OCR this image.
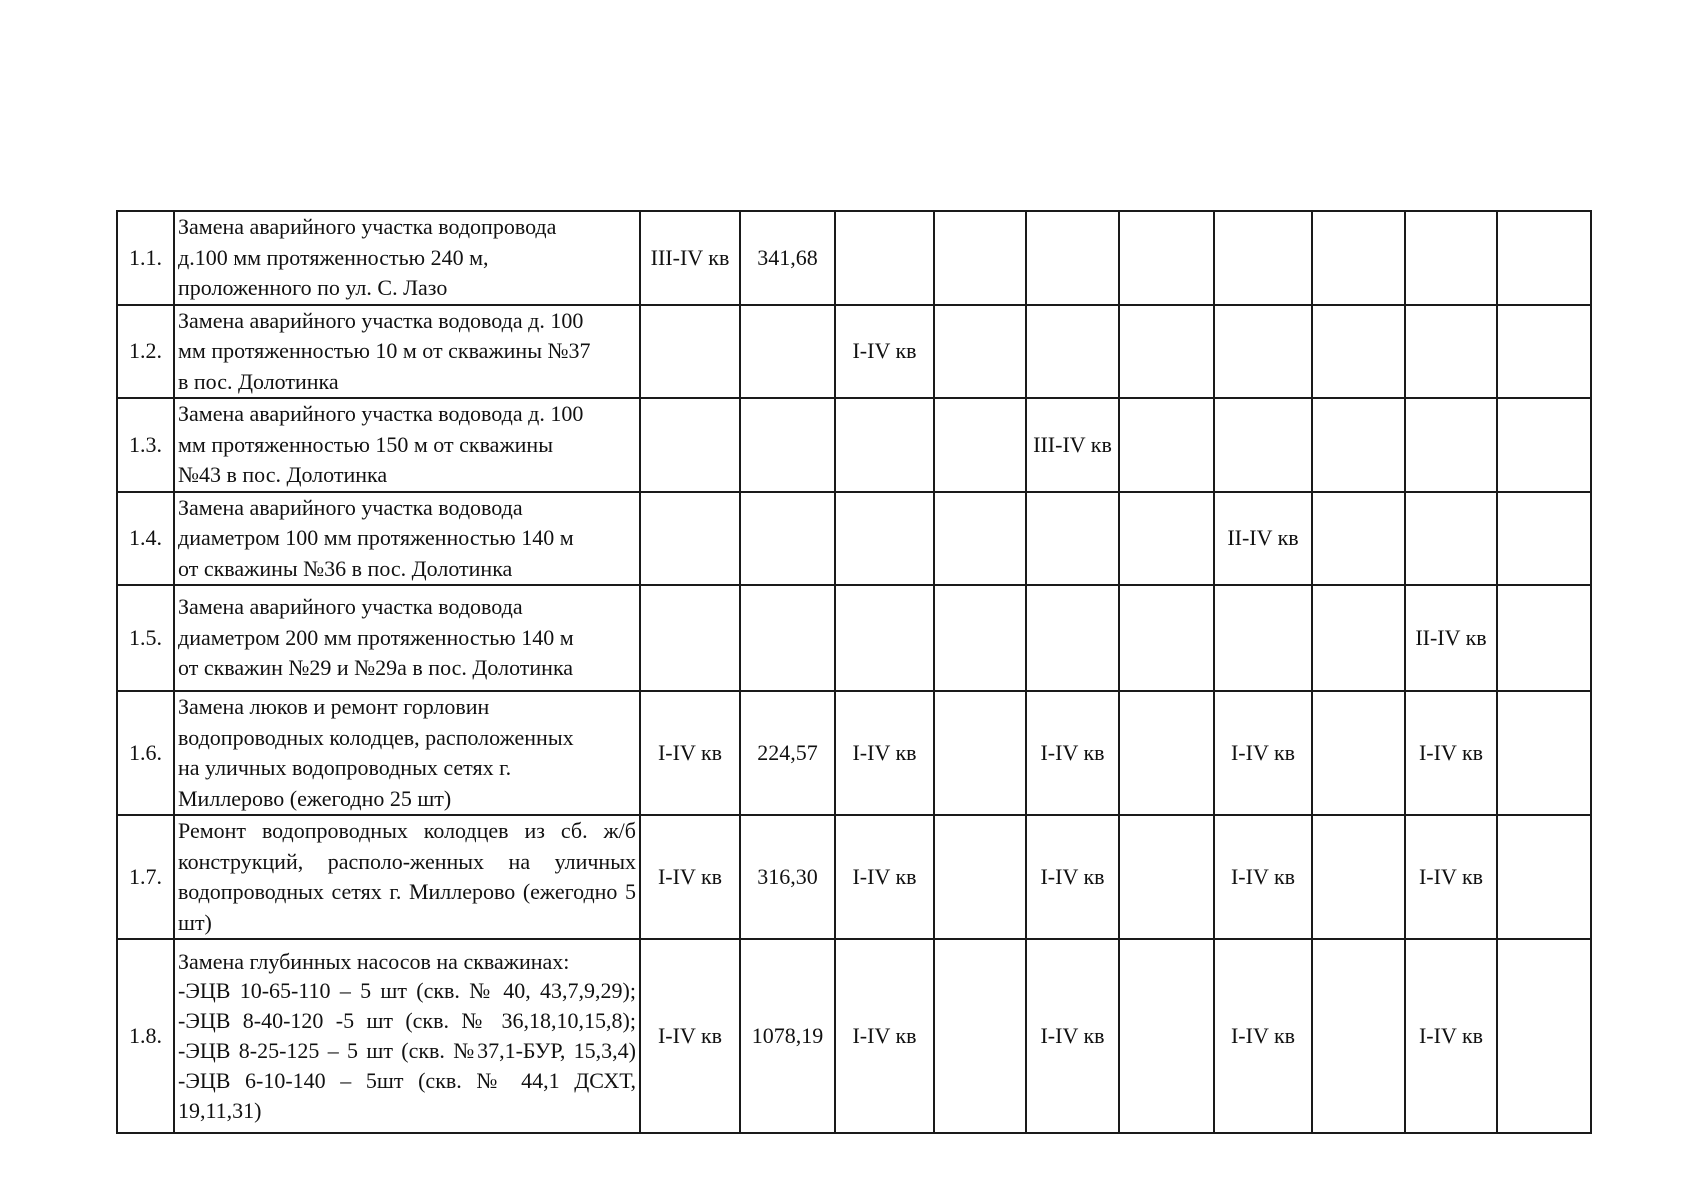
1.1.	Замена аварийного участка водопровода
д.100 мм протяженностью 240 м,
проложенного по ул. С. Лазо	III-IV кв	341,68								
1.2.	Замена аварийного участка водовода д. 100
мм протяженностью 10 м от скважины №37
в пос. Долотинка			I-IV кв							
1.3.	Замена аварийного участка водовода д. 100
мм протяженностью 150 м от скважины
№43 в пос. Долотинка					III-IV кв					
1.4.	Замена аварийного участка водовода
диаметром 100 мм протяженностью 140 м
от скважины №36 в пос. Долотинка							II-IV кв			
1.5.	Замена аварийного участка водовода
диаметром 200 мм протяженностью 140 м
от скважин №29 и №29а в пос. Долотинка									II-IV кв	
1.6.	Замена люков и ремонт горловин
водопроводных колодцев, расположенных
на уличных водопроводных сетях г.
Миллерово (ежегодно 25 шт)	I-IV кв	224,57	I-IV кв		I-IV кв		I-IV кв		I-IV кв	
1.7.	Ремонт водопроводных колодцев из сб. ж/б конструкций, располо-женных на уличных водопроводных сетях г. Миллерово (ежегодно 5 шт)	I-IV кв	316,30	I-IV кв		I-IV кв		I-IV кв		I-IV кв	
1.8.	Замена глубинных насосов на скважинах:
-ЭЦВ 10-65-110 – 5 шт (скв. № 40, 43,7,9,29); -ЭЦВ 8-40-120 -5 шт (скв. № 36,18,10,15,8); -ЭЦВ 8-25-125 – 5 шт (скв. №37,1-БУР, 15,3,4) -ЭЦВ 6-10-140 – 5шт (скв. № 44,1 ДСХТ, 19,11,31)	I-IV кв	1078,19	I-IV кв		I-IV кв		I-IV кв		I-IV кв	
